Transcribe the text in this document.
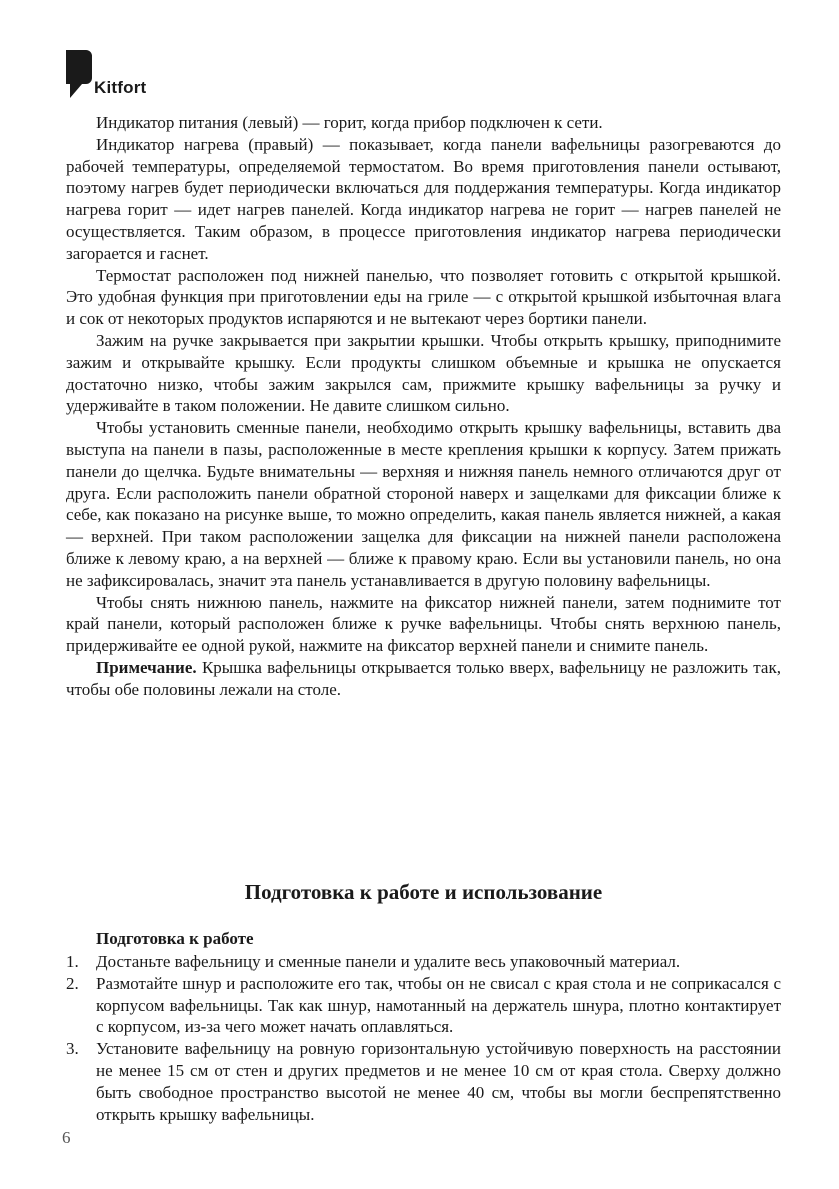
Kitfort

Индикатор питания (левый) — горит, когда прибор подключен к сети.

Индикатор нагрева (правый) — показывает, когда панели вафельницы разогреваются до рабочей температуры, определяемой термостатом. Во время приготовления панели остывают, поэтому нагрев будет периодически включаться для поддержания температуры. Когда индикатор нагрева горит — идет нагрев панелей. Когда индикатор нагрева не горит — нагрев панелей не осуществляется. Таким образом, в процессе приготовления индикатор нагрева периодически загорается и гаснет.

Термостат расположен под нижней панелью, что позволяет готовить с открытой крышкой. Это удобная функция при приготовлении еды на гриле — с открытой крышкой избыточная влага и сок от некоторых продуктов испаряются и не вытекают через бортики панели.

Зажим на ручке закрывается при закрытии крышки. Чтобы открыть крышку, приподнимите зажим и открывайте крышку. Если продукты слишком объемные и крышка не опускается достаточно низко, чтобы зажим закрылся сам, прижмите крышку вафельницы за ручку и удерживайте в таком положении. Не давите слишком сильно.

Чтобы установить сменные панели, необходимо открыть крышку вафельницы, вставить два выступа на панели в пазы, расположенные в месте крепления крышки к корпусу. Затем прижать панели до щелчка. Будьте внимательны — верхняя и нижняя панель немного отличаются друг от друга. Если расположить панели обратной стороной наверх и защелками для фиксации ближе к себе, как показано на рисунке выше, то можно определить, какая панель является нижней, а какая — верхней. При таком расположении защелка для фиксации на нижней панели расположена ближе к левому краю, а на верхней — ближе к правому краю. Если вы установили панель, но она не зафиксировалась, значит эта панель устанавливается в другую половину вафельницы.

Чтобы снять нижнюю панель, нажмите на фиксатор нижней панели, затем поднимите тот край панели, который расположен ближе к ручке вафельницы. Чтобы снять верхнюю панель, придерживайте ее одной рукой, нажмите на фиксатор верхней панели и снимите панель.

Примечание. Крышка вафельницы открывается только вверх, вафельницу не разложить так, чтобы обе половины лежали на столе.

Подготовка к работе и использование
Подготовка к работе
1. Достаньте вафельницу и сменные панели и удалите весь упаковочный материал.
2. Размотайте шнур и расположите его так, чтобы он не свисал с края стола и не соприкасался с корпусом вафельницы. Так как шнур, намотанный на держатель шнура, плотно контактирует с корпусом, из-за чего может начать оплавляться.
3. Установите вафельницу на ровную горизонтальную устойчивую поверхность на расстоянии не менее 15 см от стен и других предметов и не менее 10 см от края стола. Сверху должно быть свободное пространство высотой не менее 40 см, чтобы вы могли беспрепятственно открыть крышку вафельницы.
6
